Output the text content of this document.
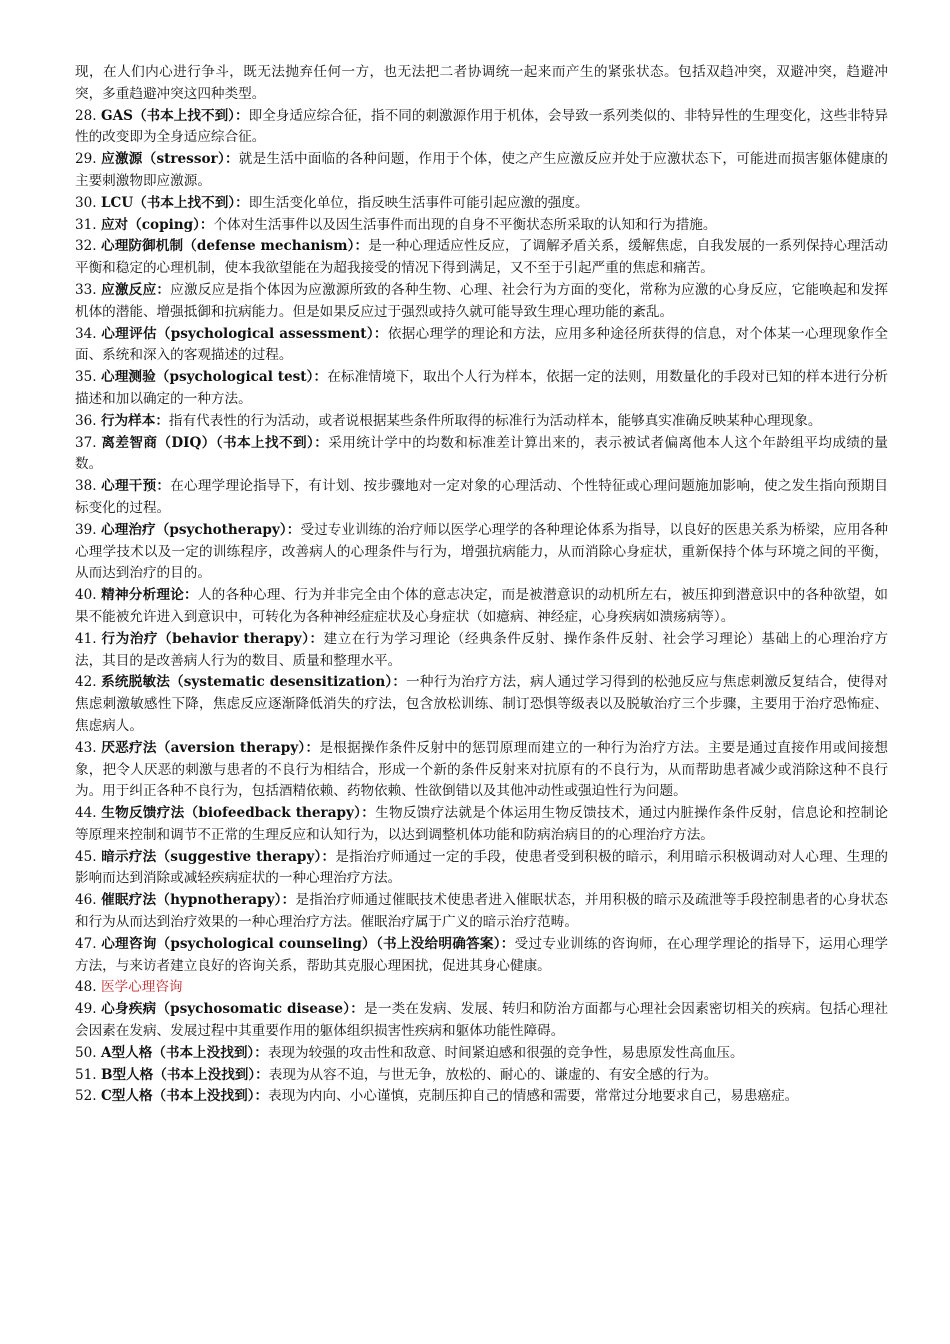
现，在人们内心进行争斗，既无法抛弃任何一方，也无法把二者协调统一起来而产生的紧张状态。包括双趋冲突，双避冲突，趋避冲突，多重趋避冲突这四种类型。

28. GAS（书本上找不到）：即全身适应综合征，指不同的刺激源作用于机体，会导致一系列类似的、非特异性的生理变化，这些非特异性的改变即为全身适应综合征。

29. 应激源（stressor）：就是生活中面临的各种问题，作用于个体，使之产生应激反应并处于应激状态下，可能进而损害躯体健康的主要刺激物即应激源。

30. LCU（书本上找不到）：即生活变化单位，指反映生活事件可能引起应激的强度。

31. 应对（coping）：个体对生活事件以及因生活事件而出现的自身不平衡状态所采取的认知和行为措施。

32. 心理防御机制（defense mechanism）：是一种心理适应性反应，了调解矛盾关系，缓解焦虑，自我发展的一系列保持心理活动平衡和稳定的心理机制，使本我欲望能在为超我接受的情况下得到满足，又不至于引起严重的焦虑和痛苦。

33. 应激反应：应激反应是指个体因为应激源所致的各种生物、心理、社会行为方面的变化，常称为应激的心身反应，它能唤起和发挥机体的潜能、增强抵御和抗病能力。但是如果反应过于强烈或持久就可能导致生理心理功能的紊乱。

34. 心理评估（psychological assessment）：依据心理学的理论和方法，应用多种途径所获得的信息，对个体某一心理现象作全面、系统和深入的客观描述的过程。

35. 心理测验（psychological test）：在标准情境下，取出个人行为样本，依据一定的法则，用数量化的手段对已知的样本进行分析描述和加以确定的一种方法。

36. 行为样本：指有代表性的行为活动，或者说根据某些条件所取得的标准行为活动样本，能够真实准确反映某种心理现象。

37. 离差智商（DIQ）（书本上找不到）：采用统计学中的均数和标准差计算出来的，表示被试者偏离他本人这个年龄组平均成绩的量数。

38. 心理干预：在心理学理论指导下，有计划、按步骤地对一定对象的心理活动、个性特征或心理问题施加影响，使之发生指向预期目标变化的过程。

39. 心理治疗（psychotherapy）：受过专业训练的治疗师以医学心理学的各种理论体系为指导，以良好的医患关系为桥梁，应用各种心理学技术以及一定的训练程序，改善病人的心理条件与行为，增强抗病能力，从而消除心身症状，重新保持个体与环境之间的平衡，从而达到治疗的目的。

40. 精神分析理论：人的各种心理、行为并非完全由个体的意志决定，而是被潜意识的动机所左右，被压抑到潜意识中的各种欲望，如果不能被允许进入到意识中，可转化为各种神经症症状及心身症状（如癔病、神经症，心身疾病如溃疡病等）。

41. 行为治疗（behavior therapy）：建立在行为学习理论（经典条件反射、操作条件反射、社会学习理论）基础上的心理治疗方法，其目的是改善病人行为的数目、质量和整理水平。

42. 系统脱敏法（systematic desensitization）：一种行为治疗方法，病人通过学习得到的松弛反应与焦虑刺激反复结合，使得对焦虑刺激敏感性下降，焦虑反应逐渐降低消失的疗法，包含放松训练、制订恐惧等级表以及脱敏治疗三个步骤，主要用于治疗恐怖症、焦虑病人。

43. 厌恶疗法（aversion therapy）：是根据操作条件反射中的惩罚原理而建立的一种行为治疗方法。主要是通过直接作用或间接想象，把令人厌恶的刺激与患者的不良行为相结合，形成一个新的条件反射来对抗原有的不良行为，从而帮助患者减少或消除这种不良行为。用于纠正各种不良行为，包括酒精依赖、药物依赖、性欲倒错以及其他冲动性或强迫性行为问题。

44. 生物反馈疗法（biofeedback therapy）：生物反馈疗法就是个体运用生物反馈技术，通过内脏操作条件反射，信息论和控制论等原理来控制和调节不正常的生理反应和认知行为，以达到调整机体功能和防病治病目的的心理治疗方法。

45. 暗示疗法（suggestive therapy）：是指治疗师通过一定的手段，使患者受到积极的暗示，利用暗示积极调动对人心理、生理的影响而达到消除或减轻疾病症状的一种心理治疗方法。

46. 催眠疗法（hypnotherapy）：是指治疗师通过催眠技术使患者进入催眠状态，并用积极的暗示及疏泄等手段控制患者的心身状态和行为从而达到治疗效果的一种心理治疗方法。催眠治疗属于广义的暗示治疗范畴。

47. 心理咨询（psychological counseling）（书上没给明确答案）：受过专业训练的咨询师，在心理学理论的指导下，运用心理学方法，与来访者建立良好的咨询关系，帮助其克服心理困扰，促进其身心健康。

48. 医学心理咨询

49. 心身疾病（psychosomatic disease）：是一类在发病、发展、转归和防治方面都与心理社会因素密切相关的疾病。包括心理社会因素在发病、发展过程中其重要作用的躯体组织损害性疾病和躯体功能性障碍。

50. A型人格（书本上没找到）：表现为较强的攻击性和敌意、时间紧迫感和很强的竞争性，易患原发性高血压。

51. B型人格（书本上没找到）：表现为从容不迫，与世无争，放松的、耐心的、谦虚的、有安全感的行为。

52. C型人格（书本上没找到）：表现为内向、小心谨慎，克制压抑自己的情感和需要，常常过分地要求自己，易患癌症。
